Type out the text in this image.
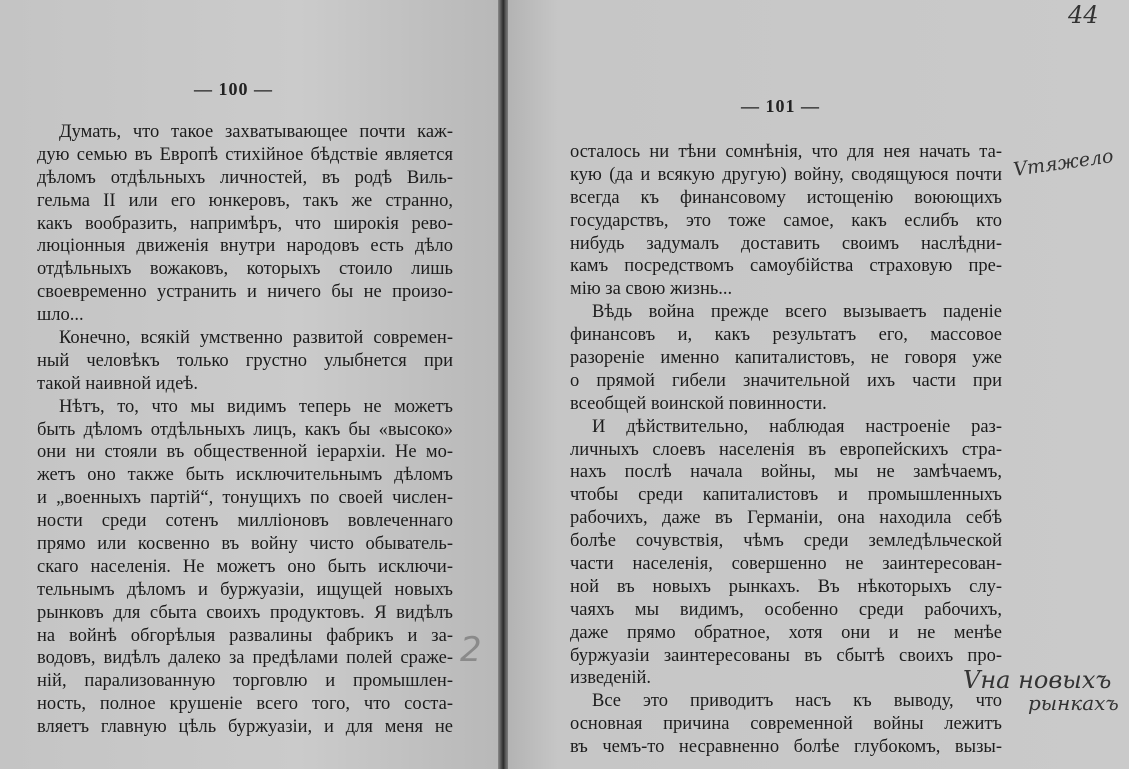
— 100 —
Думать, что такое захватывающее почти каж-
дую семью въ Европѣ стихійное бѣдствіе является
дѣломъ отдѣльныхъ личностей, въ родѣ Виль-
гельма II или его юнкеровъ, такъ же странно,
какъ вообразить, напримѣръ, что широкія рево-
люціонныя движенія внутри народовъ есть дѣло
отдѣльныхъ вожаковъ, которыхъ стоило лишь
своевременно устранить и ничего бы не произо-
шло...
Конечно, всякій умственно развитой современ-
ный человѣкъ только грустно улыбнется при
такой наивной идеѣ.
Нѣтъ, то, что мы видимъ теперь не можетъ
быть дѣломъ отдѣльныхъ лицъ, какъ бы «высоко»
они ни стояли въ общественной іерархіи. Не мо-
жетъ оно также быть исключительнымъ дѣломъ
и „военныхъ партій“, тонущихъ по своей числен-
ности среди сотенъ милліоновъ вовлеченнаго
прямо или косвенно въ войну чисто обыватель-
скаго населенія. Не можетъ оно быть исключи-
тельнымъ дѣломъ и буржуазіи, ищущей новыхъ
рынковъ для сбыта своихъ продуктовъ. Я видѣлъ
на войнѣ обгорѣлыя развалины фабрикъ и за-
водовъ, видѣлъ далеко за предѣлами полей сраже-
ній, парализованную торговлю и промышлен-
ность, полное крушеніе всего того, что соста-
вляетъ главную цѣль буржуазіи, и для меня не
2
— 101 —
44
осталось ни тѣни сомнѣнія, что для нея начать та-
кую (да и всякую другую) войну, сводящуюся почти
всегда къ финансовому истощенію воюющихъ
государствъ, это тоже самое, какъ еслибъ кто
нибудь задумалъ доставить своимъ наслѣдни-
камъ посредствомъ самоубійства страховую пре-
мію за свою жизнь...
Вѣдь война прежде всего вызываетъ паденіе
финансовъ и, какъ результатъ его, массовое
разореніе именно капиталистовъ, не говоря уже
о прямой гибели значительной ихъ части при
всеобщей воинской повинности.
И дѣйствительно, наблюдая настроеніе раз-
личныхъ слоевъ населенія въ европейскихъ стра-
нахъ послѣ начала войны, мы не замѣчаемъ,
чтобы среди капиталистовъ и промышленныхъ
рабочихъ, даже въ Германіи, она находила себѣ
болѣе сочувствія, чѣмъ среди земледѣльческой
части населенія, совершенно не заинтересован-
ной въ новыхъ рынкахъ. Въ нѣкоторыхъ слу-
чаяхъ мы видимъ, особенно среди рабочихъ,
даже прямо обратное, хотя они и не менѣе
буржуазіи заинтересованы въ сбытѣ своихъ про-
изведеній.
Все это приводитъ насъ къ выводу, что
основная причина современной войны лежитъ
въ чемъ-то несравненно болѣе глубокомъ, вызы-
Vтяжело
Vна новыхъ
рынкахъ
